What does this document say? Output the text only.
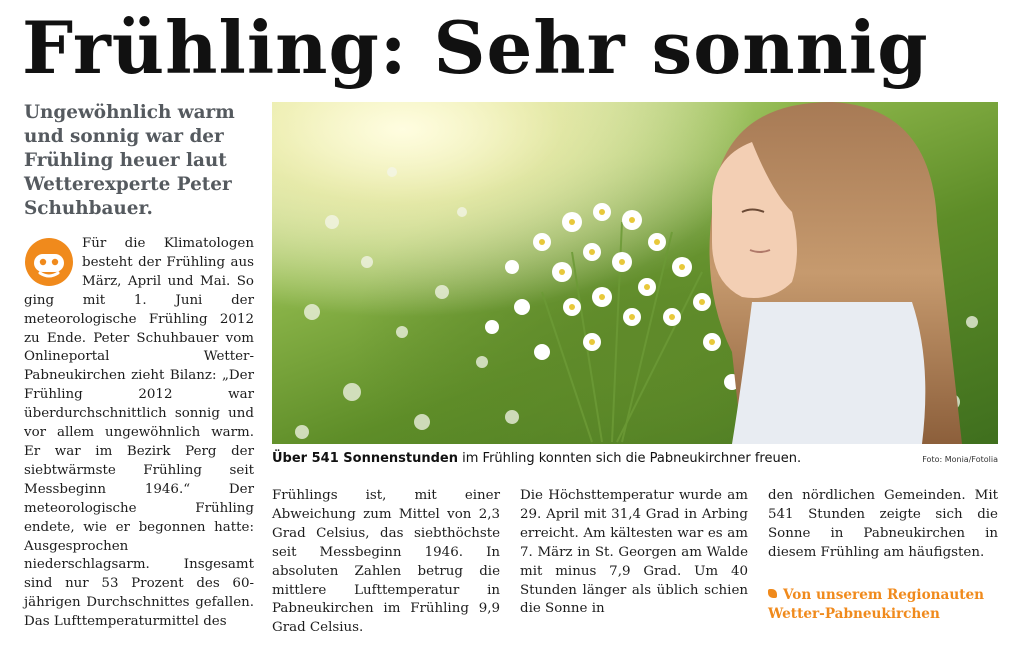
Frühling: Sehr sonnig
Ungewöhnlich warm und sonnig war der Frühling heuer laut Wetterexperte Peter Schuhbauer.

Für die Klimatologen besteht der Frühling aus März, April und Mai. So ging mit 1. Juni der meteorologische Frühling 2012 zu Ende. Peter Schuhbauer vom Onlineportal Wetter-Pabneukirchen zieht Bilanz: „Der Frühling 2012 war überdurchschnittlich sonnig und vor allem ungewöhnlich warm. Er war im Bezirk Perg der siebtwärmste Frühling seit Messbeginn 1946.“ Der meteorologische Frühling endete, wie er begonnen hatte: Ausgesprochen niederschlagsarm. Insgesamt sind nur 53 Prozent des 60-jährigen Durchschnittes gefallen. Das Lufttemperaturmittel des

Über 541 Sonnenstunden im Frühling konnten sich die Pabneukirchner freuen.	Foto: Monia/Fotolia

Frühlings ist, mit einer Abweichung zum Mittel von 2,3 Grad Celsius, das siebthöchste seit Messbeginn 1946. In absoluten Zahlen betrug die mittlere Lufttemperatur in Pabneukirchen im Frühling 9,9 Grad Celsius.

Die Höchsttemperatur wurde am 29. April mit 31,4 Grad in Arbing erreicht. Am kältesten war es am 7. März in St. Georgen am Walde mit minus 7,9 Grad. Um 40 Stunden länger als üblich schien die Sonne in

den nördlichen Gemeinden. Mit 541 Stunden zeigte sich die Sonne in Pabneukirchen in diesem Frühling am häufigsten.

Von unserem Regionauten
Wetter-Pabneukirchen
